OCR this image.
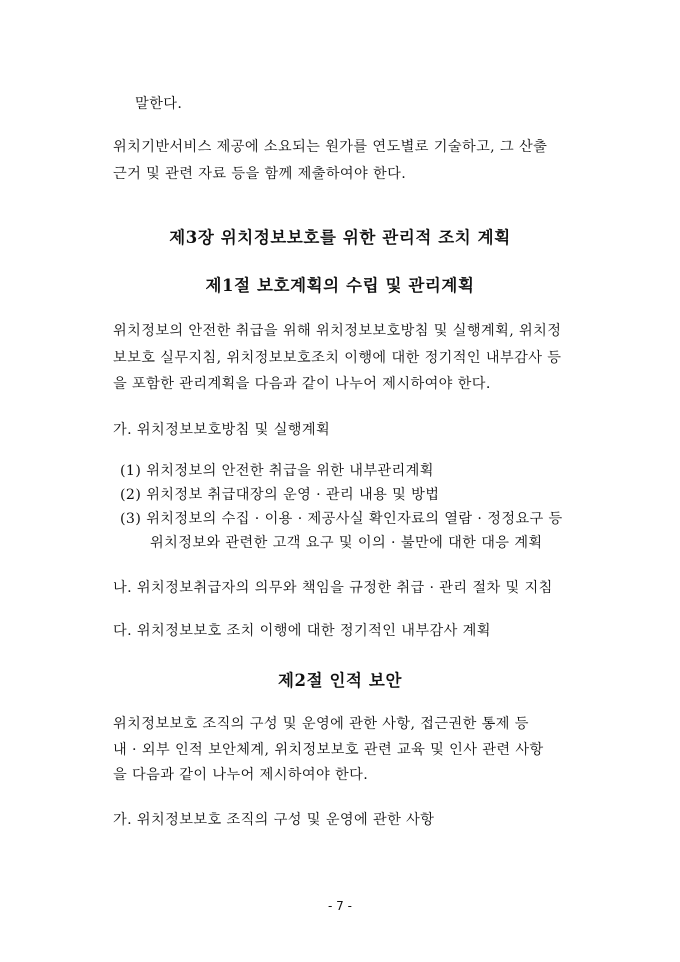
말한다.
위치기반서비스 제공에 소요되는 원가를 연도별로 기술하고, 그 산출
근거 및 관련 자료 등을 함께 제출하여야 한다.
제3장 위치정보보호를 위한 관리적 조치 계획
제1절 보호계획의 수립 및 관리계획
위치정보의 안전한 취급을 위해 위치정보보호방침 및 실행계획, 위치정
보보호 실무지침, 위치정보보호조치 이행에 대한 정기적인 내부감사 등
을 포함한 관리계획을 다음과 같이 나누어 제시하여야 한다.
가. 위치정보보호방침 및 실행계획
(1) 위치정보의 안전한 취급을 위한 내부관리계획
(2) 위치정보 취급대장의 운영 · 관리 내용 및 방법
(3) 위치정보의 수집 · 이용 · 제공사실 확인자료의 열람 · 정정요구 등
위치정보와 관련한 고객 요구 및 이의 · 불만에 대한 대응 계획
나. 위치정보취급자의 의무와 책임을 규정한 취급 · 관리 절차 및 지침
다. 위치정보보호 조치 이행에 대한 정기적인 내부감사 계획
제2절 인적 보안
위치정보보호 조직의 구성 및 운영에 관한 사항, 접근권한 통제 등
내 · 외부 인적 보안체계, 위치정보보호 관련 교육 및 인사 관련 사항
을 다음과 같이 나누어 제시하여야 한다.
가. 위치정보보호 조직의 구성 및 운영에 관한 사항
- 7 -
